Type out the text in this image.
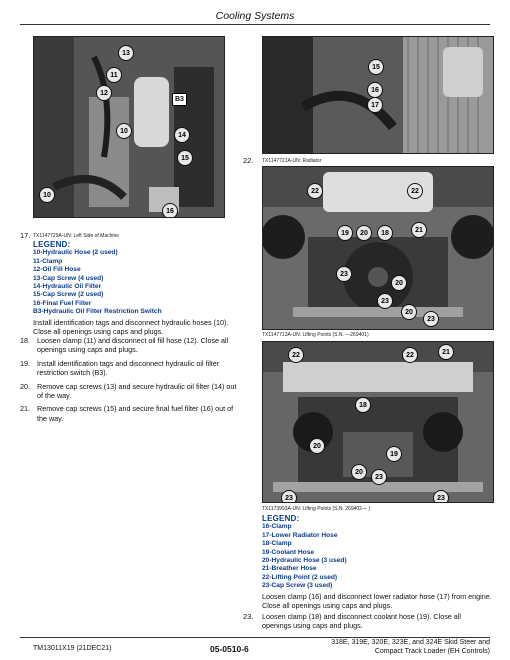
Cooling Systems
13
11
12
10
14
15
10
16
B3
TX1147729A-UN: Left Side of Machine
17.
LEGEND:
10-Hydraulic Hose (2 used)
11-Clamp
12-Oil Fill Hose
13-Cap Screw (4 used)
14-Hydraulic Oil Filter
15-Cap Screw (2 used)
16-Final Fuel Filter
B3-Hydraulic Oil Filter Restriction Switch
Install identification tags and disconnect hydraulic hoses (10). Close all openings using caps and plugs.
18. Loosen clamp (11) and disconnect oil fill hose (12). Close all openings using caps and plugs.
19. Install identification tags and disconnect hydraulic oil filter restriction switch (B3).
20. Remove cap screws (13) and secure hydraulic oil filter (14) out of the way.
21. Remove cap screws (15) and secure final fuel filter (16) out of the way.
15
16
17
22. TX1147721A-UN: Radiator
22	22
19	20	18	21
23
20
20
23
23
TX1147713A-UN: Lifting Points (S.N. —269401)
22	22	21
18
20
19
20
23
23	23
TX1173993A-UN: Lifting Points (S.N. 269402— )
LEGEND:
16-Clamp
17-Lower Radiator Hose
18-Clamp
19-Coolant Hose
20-Hydraulic Hose (3 used)
21-Breather Hose
22-Lifting Point (2 used)
23-Cap Screw (3 used)
Loosen clamp (16) and disconnect lower radiator hose (17) from engine. Close all openings using caps and plugs.
23. Loosen clamp (18) and disconnect coolant hose (19). Close all openings using caps and plugs.
TM13011X19 (21DEC21)	05-0510-6
318E, 319E, 320E, 323E, and 324E Skid Steer and
Compact Track Loader (EH Controls)
